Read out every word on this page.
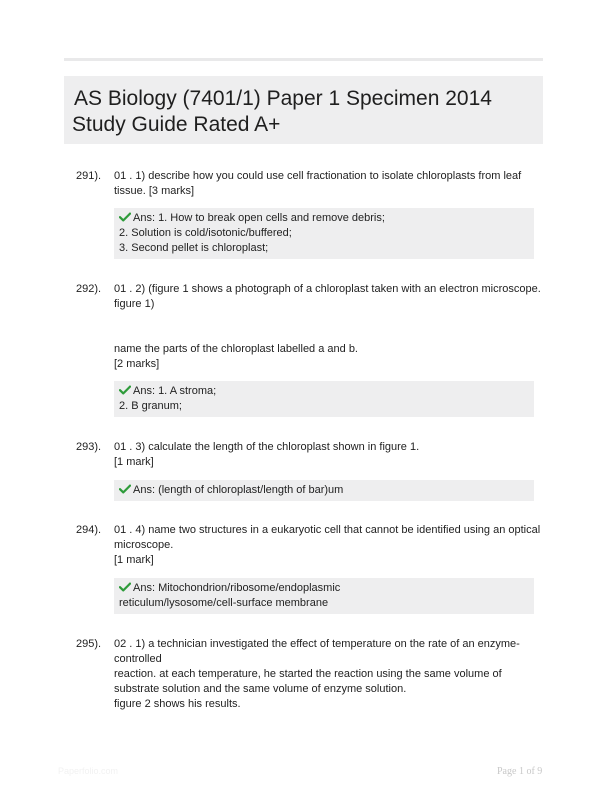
AS Biology (7401/1) Paper 1 Specimen 2014
Study Guide Rated A+
291). 01 . 1) describe how you could use cell fractionation to isolate chloroplasts from leaf
tissue. [3 marks]
Ans: 1. How to break open cells and remove debris;
2. Solution is cold/isotonic/buffered;
3. Second pellet is chloroplast;
292). 01 . 2) (figure 1 shows a photograph of a chloroplast taken with an electron microscope.
figure 1)
name the parts of the chloroplast labelled a and b.
[2 marks]
Ans: 1. A stroma;
2. B granum;
293). 01 . 3) calculate the length of the chloroplast shown in figure 1.
[1 mark]
Ans: (length of chloroplast/length of bar)um
294). 01 . 4) name two structures in a eukaryotic cell that cannot be identified using an optical
microscope.
[1 mark]
Ans: Mitochondrion/ribosome/endoplasmic
reticulum/lysosome/cell-surface membrane
295). 02 . 1) a technician investigated the effect of temperature on the rate of an enzyme-
controlled
reaction. at each temperature, he started the reaction using the same volume of
substrate solution and the same volume of enzyme solution.
figure 2 shows his results.
Paperfolio.com	Page 1 of 9
